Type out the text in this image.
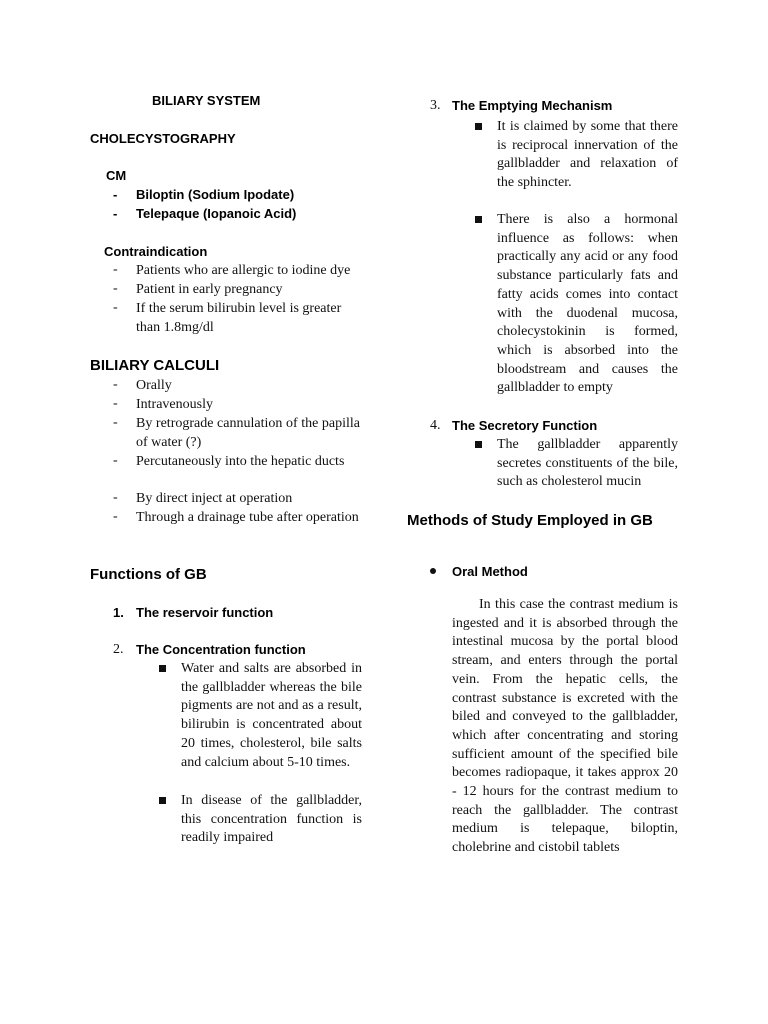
BILIARY SYSTEM
CHOLECYSTOGRAPHY
CM
- Biloptin (Sodium Ipodate)
- Telepaque (Iopanoic Acid)
Contraindication
- Patients who are allergic to iodine dye
- Patient in early pregnancy
- If the serum bilirubin level is greater than 1.8mg/dl
BILIARY CALCULI
- Orally
- Intravenously
- By retrograde cannulation of the papilla of water (?)
- Percutaneously into the hepatic ducts
- By direct inject at operation
- Through a drainage tube after operation
Functions of GB
1. The reservoir function
2. The Concentration function
Water and salts are absorbed in the gallbladder whereas the bile pigments are not and as a result, bilirubin is concentrated about 20 times, cholesterol, bile salts and calcium about 5-10 times.
In disease of the gallbladder, this concentration function is readily impaired
3. The Emptying Mechanism
It is claimed by some that there is reciprocal innervation of the gallbladder and relaxation of the sphincter.
There is also a hormonal influence as follows: when practically any acid or any food substance particularly fats and fatty acids comes into contact with the duodenal mucosa, cholecystokinin is formed, which is absorbed into the bloodstream and causes the gallbladder to empty
4. The Secretory Function
The gallbladder apparently secretes constituents of the bile, such as cholesterol mucin
Methods of Study Employed in GB
Oral Method
In this case the contrast medium is ingested and it is absorbed through the intestinal mucosa by the portal blood stream, and enters through the portal vein. From the hepatic cells, the contrast substance is excreted with the biled and conveyed to the gallbladder, which after concentrating and storing sufficient amount of the specified bile becomes radiopaque, it takes approx 20 - 12 hours for the contrast medium to reach the gallbladder. The contrast medium is telepaque, biloptin, cholebrine and cistobil tablets
